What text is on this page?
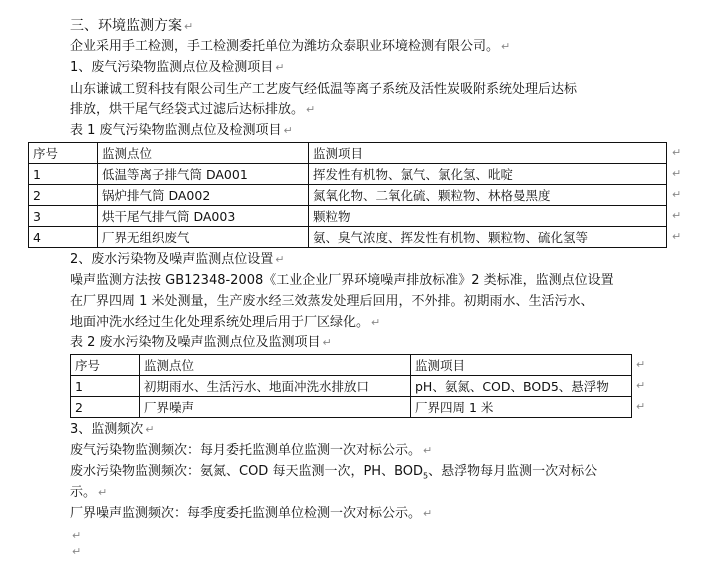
三、环境监测方案 ↵
企业采用手工检测，手工检测委托单位为潍坊众泰职业环境检测有限公司。 ↵
1、废气污染物监测点位及检测项目 ↵
山东谦诚工贸科技有限公司生产工艺废气经低温等离子系统及活性炭吸附系统处理后达标
排放，烘干尾气经袋式过滤后达标排放。 ↵
表 1 废气污染物监测点位及检测项目 ↵
序号	监测点位	监测项目
1	低温等离子排气筒 DA001	挥发性有机物、氯气、氯化氢、吡啶
2	锅炉排气筒 DA002	氮氧化物、二氧化硫、颗粒物、林格曼黑度
3	烘干尾气排气筒 DA003	颗粒物
4	厂界无组织废气	氨、臭气浓度、挥发性有机物、颗粒物、硫化氢等
↵
↵
↵
↵
↵
2、废水污染物及噪声监测点位设置 ↵
噪声监测方法按 GB12348-2008《工业企业厂界环境噪声排放标准》2 类标准，监测点位设置
在厂界四周 1 米处测量，生产废水经三效蒸发处理后回用，不外排。初期雨水、生活污水、
地面冲洗水经过生化处理系统处理后用于厂区绿化。 ↵
表 2 废水污染物及噪声监测点位及监测项目 ↵
序号	监测点位	监测项目
1	初期雨水、生活污水、地面冲洗水排放口	pH、氨氮、COD、BOD5、悬浮物
2	厂界噪声	厂界四周 1 米
↵
↵
↵
3、监测频次 ↵
废气污染物监测频次：每月委托监测单位监测一次对标公示。 ↵
废水污染物监测频次：氨氮、COD 每天监测一次，PH、$BOD_5$、悬浮物每月监测一次对标公
示。 ↵
厂界噪声监测频次：每季度委托监测单位检测一次对标公示。 ↵
↵
↵
